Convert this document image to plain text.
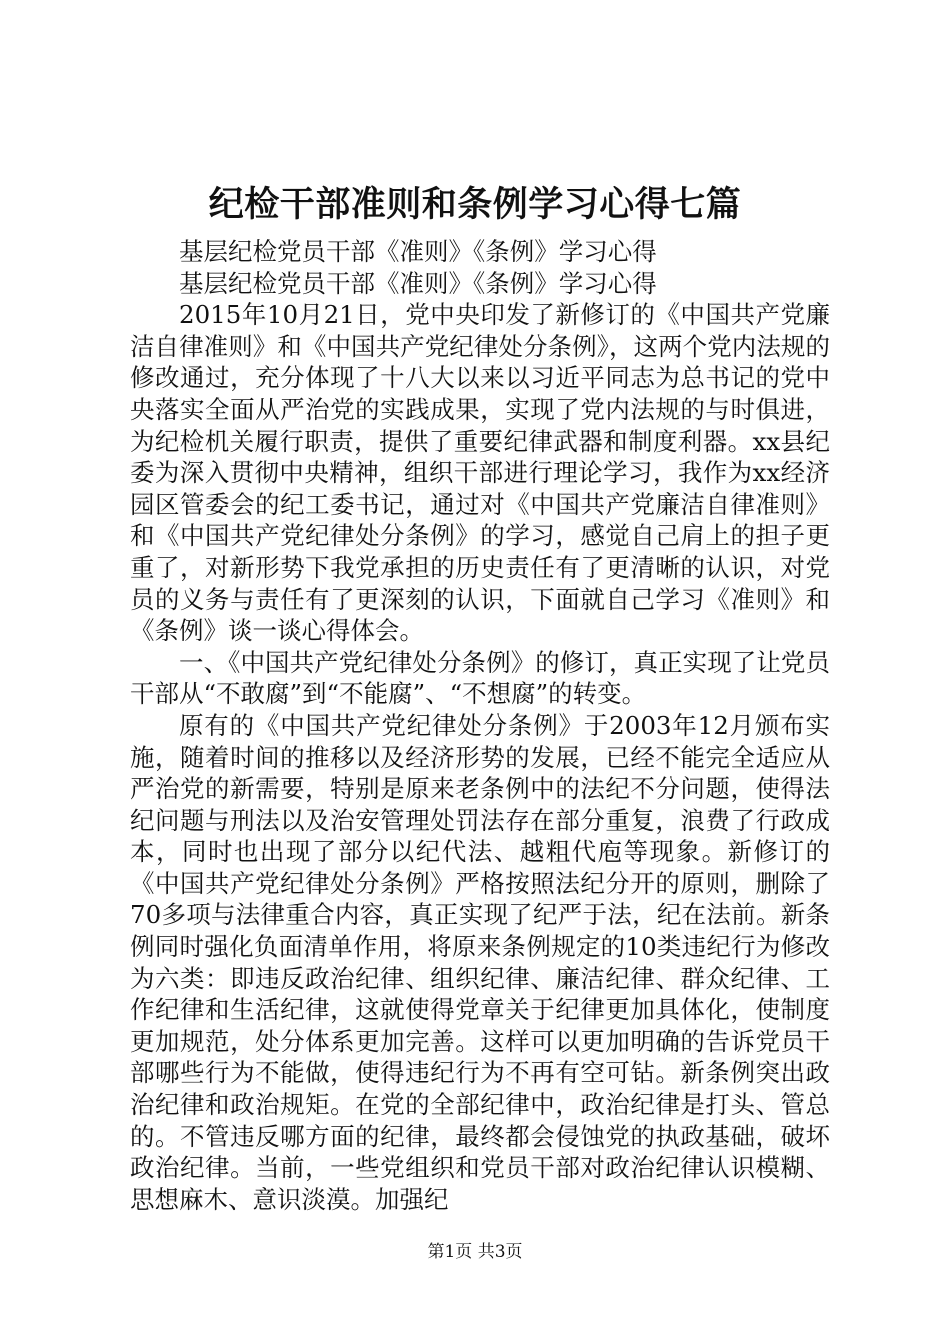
纪检干部准则和条例学习心得七篇

基层纪检党员干部《准则》《条例》学习心得

基层纪检党员干部《准则》《条例》学习心得

2015年10月21日，党中央印发了新修订的《中国共产党廉洁自律准则》和《中国共产党纪律处分条例》，这两个党内法规的修改通过，充分体现了十八大以来以习近平同志为总书记的党中央落实全面从严治党的实践成果，实现了党内法规的与时俱进，为纪检机关履行职责，提供了重要纪律武器和制度利器。xx县纪委为深入贯彻中央精神，组织干部进行理论学习，我作为xx经济园区管委会的纪工委书记，通过对《中国共产党廉洁自律准则》和《中国共产党纪律处分条例》的学习，感觉自己肩上的担子更重了，对新形势下我党承担的历史责任有了更清晰的认识，对党员的义务与责任有了更深刻的认识，下面就自己学习《准则》和《条例》谈一谈心得体会。

一、《中国共产党纪律处分条例》的修订，真正实现了让党员干部从“不敢腐”到“不能腐”、“不想腐”的转变。

原有的《中国共产党纪律处分条例》于2003年12月颁布实施，随着时间的推移以及经济形势的发展，已经不能完全适应从严治党的新需要，特别是原来老条例中的法纪不分问题，使得法纪问题与刑法以及治安管理处罚法存在部分重复，浪费了行政成本，同时也出现了部分以纪代法、越粗代庖等现象。新修订的《中国共产党纪律处分条例》严格按照法纪分开的原则，删除了70多项与法律重合内容，真正实现了纪严于法，纪在法前。新条例同时强化负面清单作用，将原来条例规定的10类违纪行为修改为六类：即违反政治纪律、组织纪律、廉洁纪律、群众纪律、工作纪律和生活纪律，这就使得党章关于纪律更加具体化，使制度更加规范，处分体系更加完善。这样可以更加明确的告诉党员干部哪些行为不能做，使得违纪行为不再有空可钻。新条例突出政治纪律和政治规矩。在党的全部纪律中，政治纪律是打头、管总的。不管违反哪方面的纪律，最终都会侵蚀党的执政基础，破坏政治纪律。当前，一些党组织和党员干部对政治纪律认识模糊、思想麻木、意识淡漠。加强纪

第1页 共3页
